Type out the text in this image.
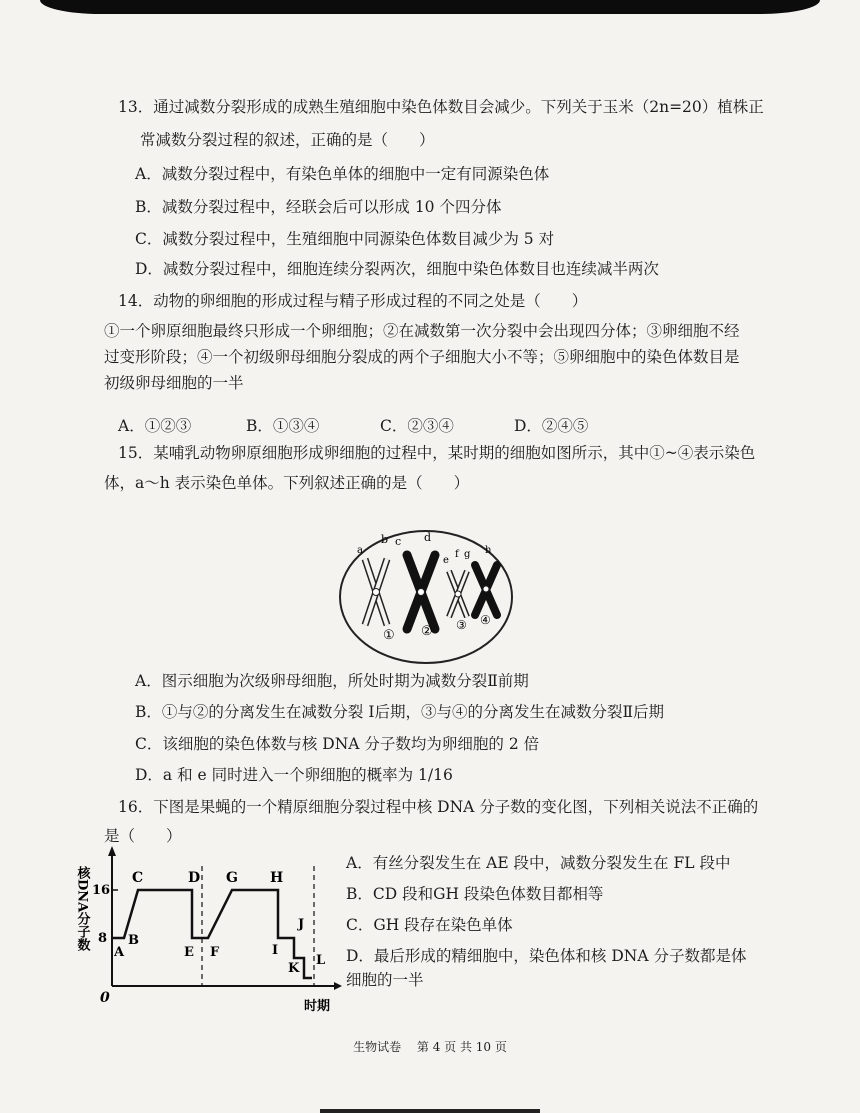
13．通过减数分裂形成的成熟生殖细胞中染色体数目会减少。下列关于玉米（2n=20）植株正
常减数分裂过程的叙述，正确的是（　　）
A．减数分裂过程中，有染色单体的细胞中一定有同源染色体
B．减数分裂过程中，经联会后可以形成 10 个四分体
C．减数分裂过程中，生殖细胞中同源染色体数目减少为 5 对
D．减数分裂过程中，细胞连续分裂两次，细胞中染色体数目也连续减半两次
14．动物的卵细胞的形成过程与精子形成过程的不同之处是（　　）
①一个卵原细胞最终只形成一个卵细胞；②在减数第一次分裂中会出现四分体；③卵细胞不经
过变形阶段；④一个初级卵母细胞分裂成的两个子细胞大小不等；⑤卵细胞中的染色体数目是
初级卵母细胞的一半
A．①②③	B．①③④	C．②③④	D．②④⑤
15．某哺乳动物卵原细胞形成卵细胞的过程中，某时期的细胞如图所示，其中①~④表示染色
体，a～h 表示染色单体。下列叙述正确的是（　　）
a
b c d
e
f g h
① ② ③ ④
A．图示细胞为次级卵母细胞，所处时期为减数分裂Ⅱ前期
B．①与②的分离发生在减数分裂 Ⅰ后期，③与④的分离发生在减数分裂Ⅱ后期
C．该细胞的染色体数与核 DNA 分子数均为卵细胞的 2 倍
D．a 和 e 同时进入一个卵细胞的概率为 1/16
16．下图是果蝇的一个精原细胞分裂过程中核 DNA 分子数的变化图，下列相关说法不正确的
是（　　）
16
8
0
核DNA分子数
时期
A
B
C	D
E F
G H
I
J
K
L
A．有丝分裂发生在 AE 段中，减数分裂发生在 FL 段中
B．CD 段和GH 段染色体数目都相等
C．GH 段存在染色单体
D．最后形成的精细胞中，染色体和核 DNA 分子数都是体
细胞的一半
生物试卷　 第 4 页 共 10 页
